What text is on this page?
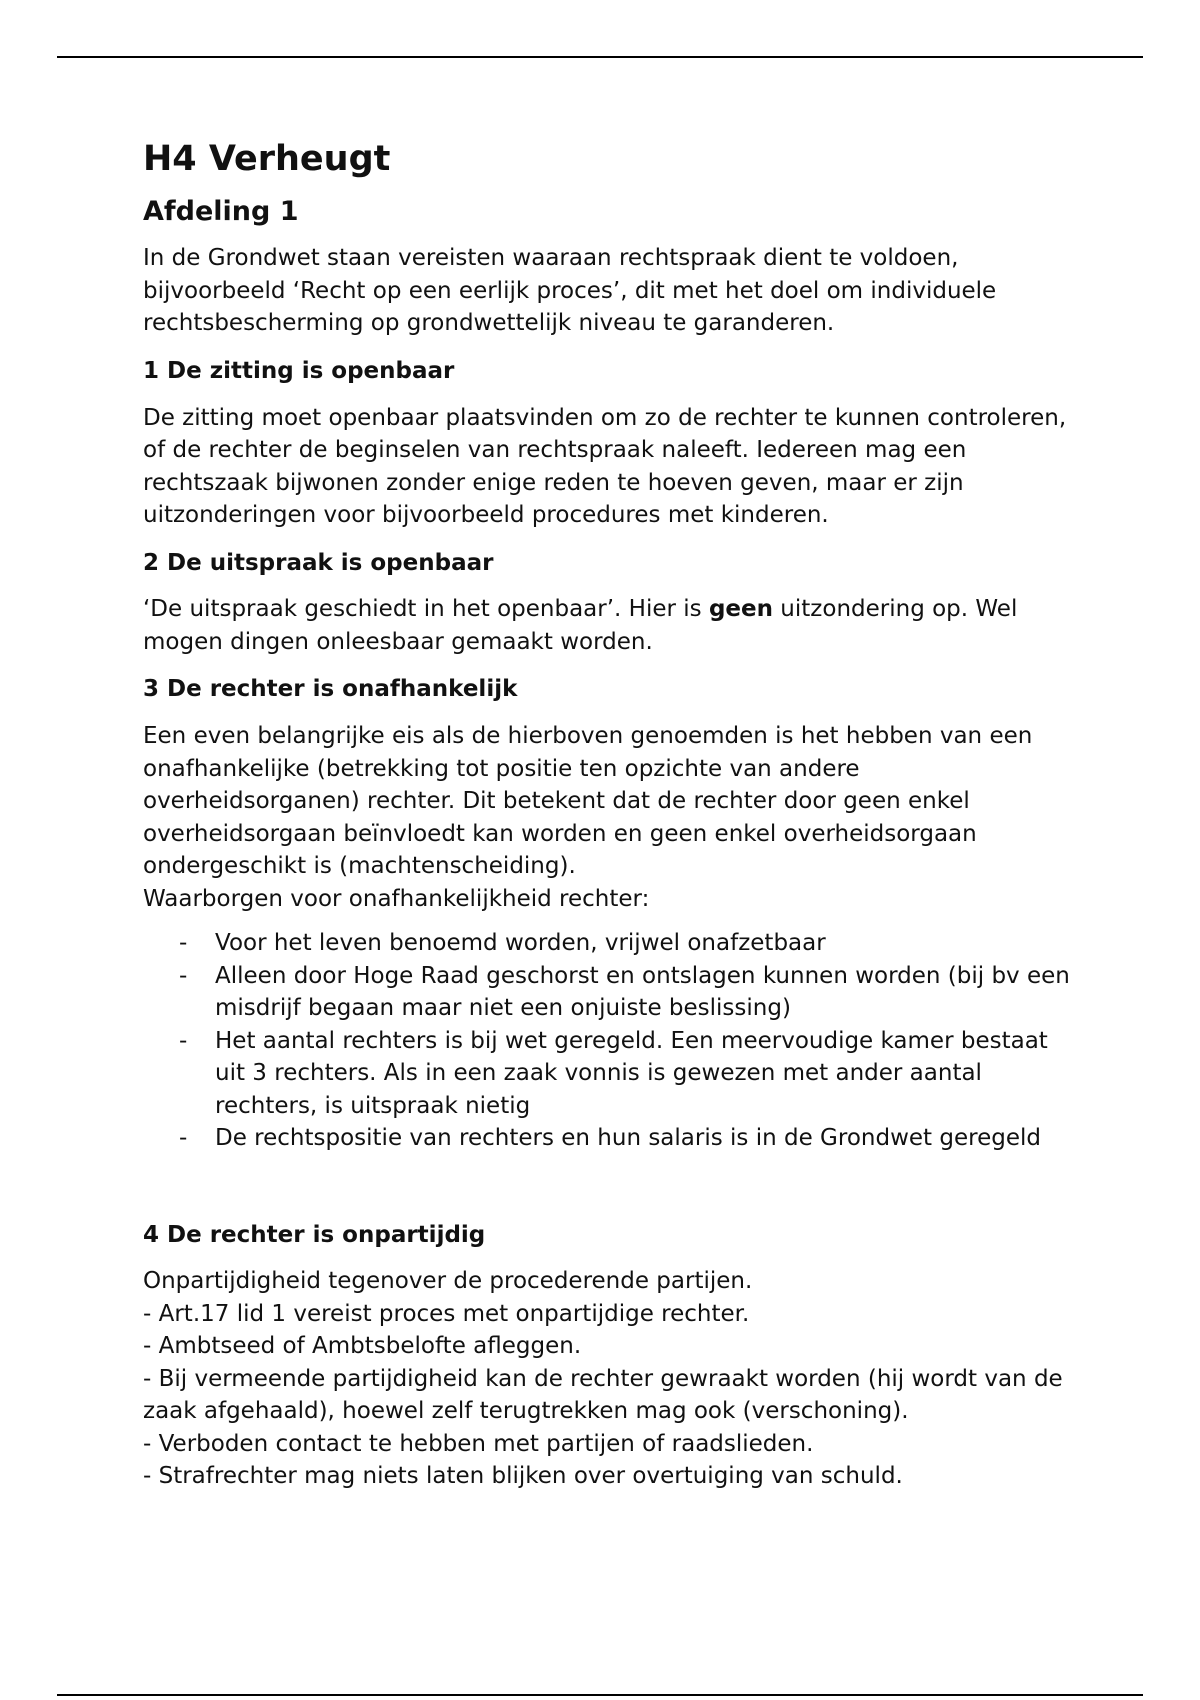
H4 Verheugt
Afdeling 1

In de Grondwet staan vereisten waaraan rechtspraak dient te voldoen, bijvoorbeeld ‘Recht op een eerlijk proces’, dit met het doel om individuele rechtsbescherming op grondwettelijk niveau te garanderen.

1 De zitting is openbaar

De zitting moet openbaar plaatsvinden om zo de rechter te kunnen controleren, of de rechter de beginselen van rechtspraak naleeft. Iedereen mag een rechtszaak bijwonen zonder enige reden te hoeven geven, maar er zijn uitzonderingen voor bijvoorbeeld procedures met kinderen.

2 De uitspraak is openbaar

‘De uitspraak geschiedt in het openbaar’. Hier is geen uitzondering op. Wel mogen dingen onleesbaar gemaakt worden.

3 De rechter is onafhankelijk

Een even belangrijke eis als de hierboven genoemden is het hebben van een onafhankelijke (betrekking tot positie ten opzichte van andere overheidsorganen) rechter. Dit betekent dat de rechter door geen enkel overheidsorgaan beïnvloedt kan worden en geen enkel overheidsorgaan ondergeschikt is (machtenscheiding).
Waarborgen voor onafhankelijkheid rechter:

- Voor het leven benoemd worden, vrijwel onafzetbaar
- Alleen door Hoge Raad geschorst en ontslagen kunnen worden (bij bv een misdrijf begaan maar niet een onjuiste beslissing)
- Het aantal rechters is bij wet geregeld. Een meervoudige kamer bestaat uit 3 rechters. Als in een zaak vonnis is gewezen met ander aantal rechters, is uitspraak nietig
- De rechtspositie van rechters en hun salaris is in de Grondwet geregeld
4 De rechter is onpartijdig

Onpartijdigheid tegenover de procederende partijen.
- Art.17 lid 1 vereist proces met onpartijdige rechter.
- Ambtseed of Ambtsbelofte afleggen.
- Bij vermeende partijdigheid kan de rechter gewraakt worden (hij wordt van de zaak afgehaald), hoewel zelf terugtrekken mag ook (verschoning).
- Verboden contact te hebben met partijen of raadslieden.
- Strafrechter mag niets laten blijken over overtuiging van schuld.
